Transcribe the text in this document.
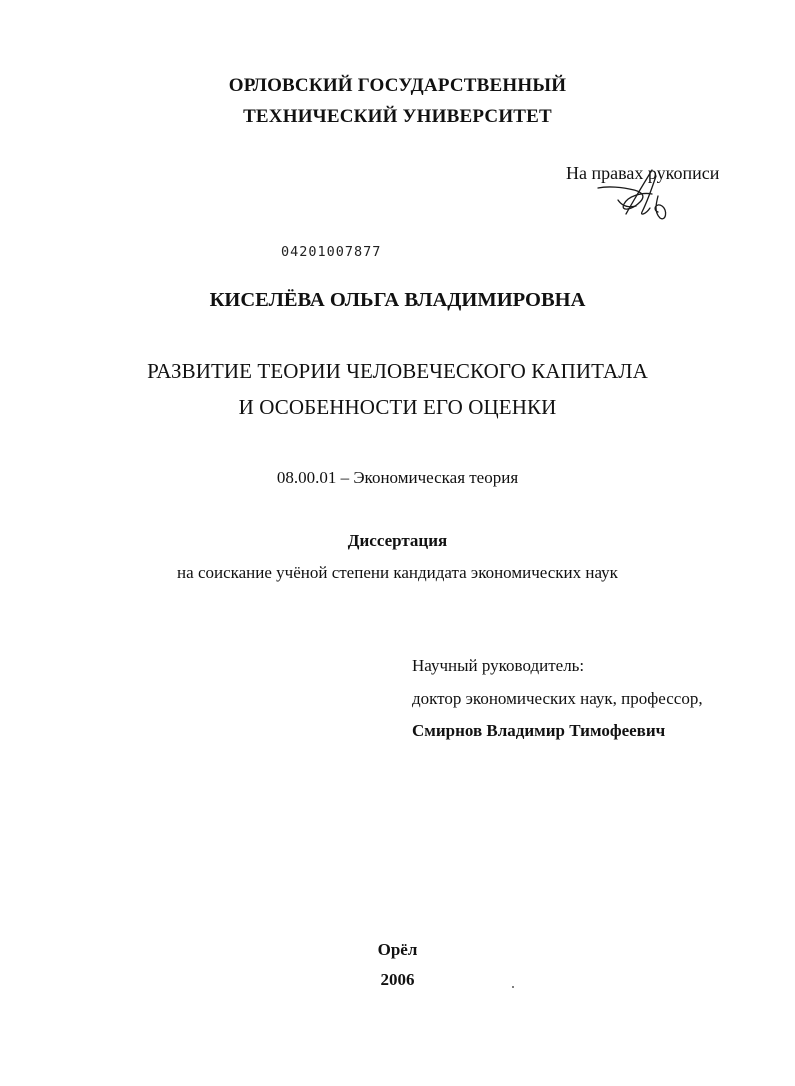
ОРЛОВСКИЙ ГОСУДАРСТВЕННЫЙ
ТЕХНИЧЕСКИЙ УНИВЕРСИТЕТ
На правах рукописи
04201007877
КИСЕЛЁВА ОЛЬГА ВЛАДИМИРОВНА
РАЗВИТИЕ ТЕОРИИ ЧЕЛОВЕЧЕСКОГО КАПИТАЛА
И ОСОБЕННОСТИ ЕГО ОЦЕНКИ
08.00.01 – Экономическая теория
Диссертация
на соискание учёной степени кандидата экономических наук
Научный руководитель:
доктор экономических наук, профессор,
Смирнов Владимир Тимофеевич
Орёл
2006
